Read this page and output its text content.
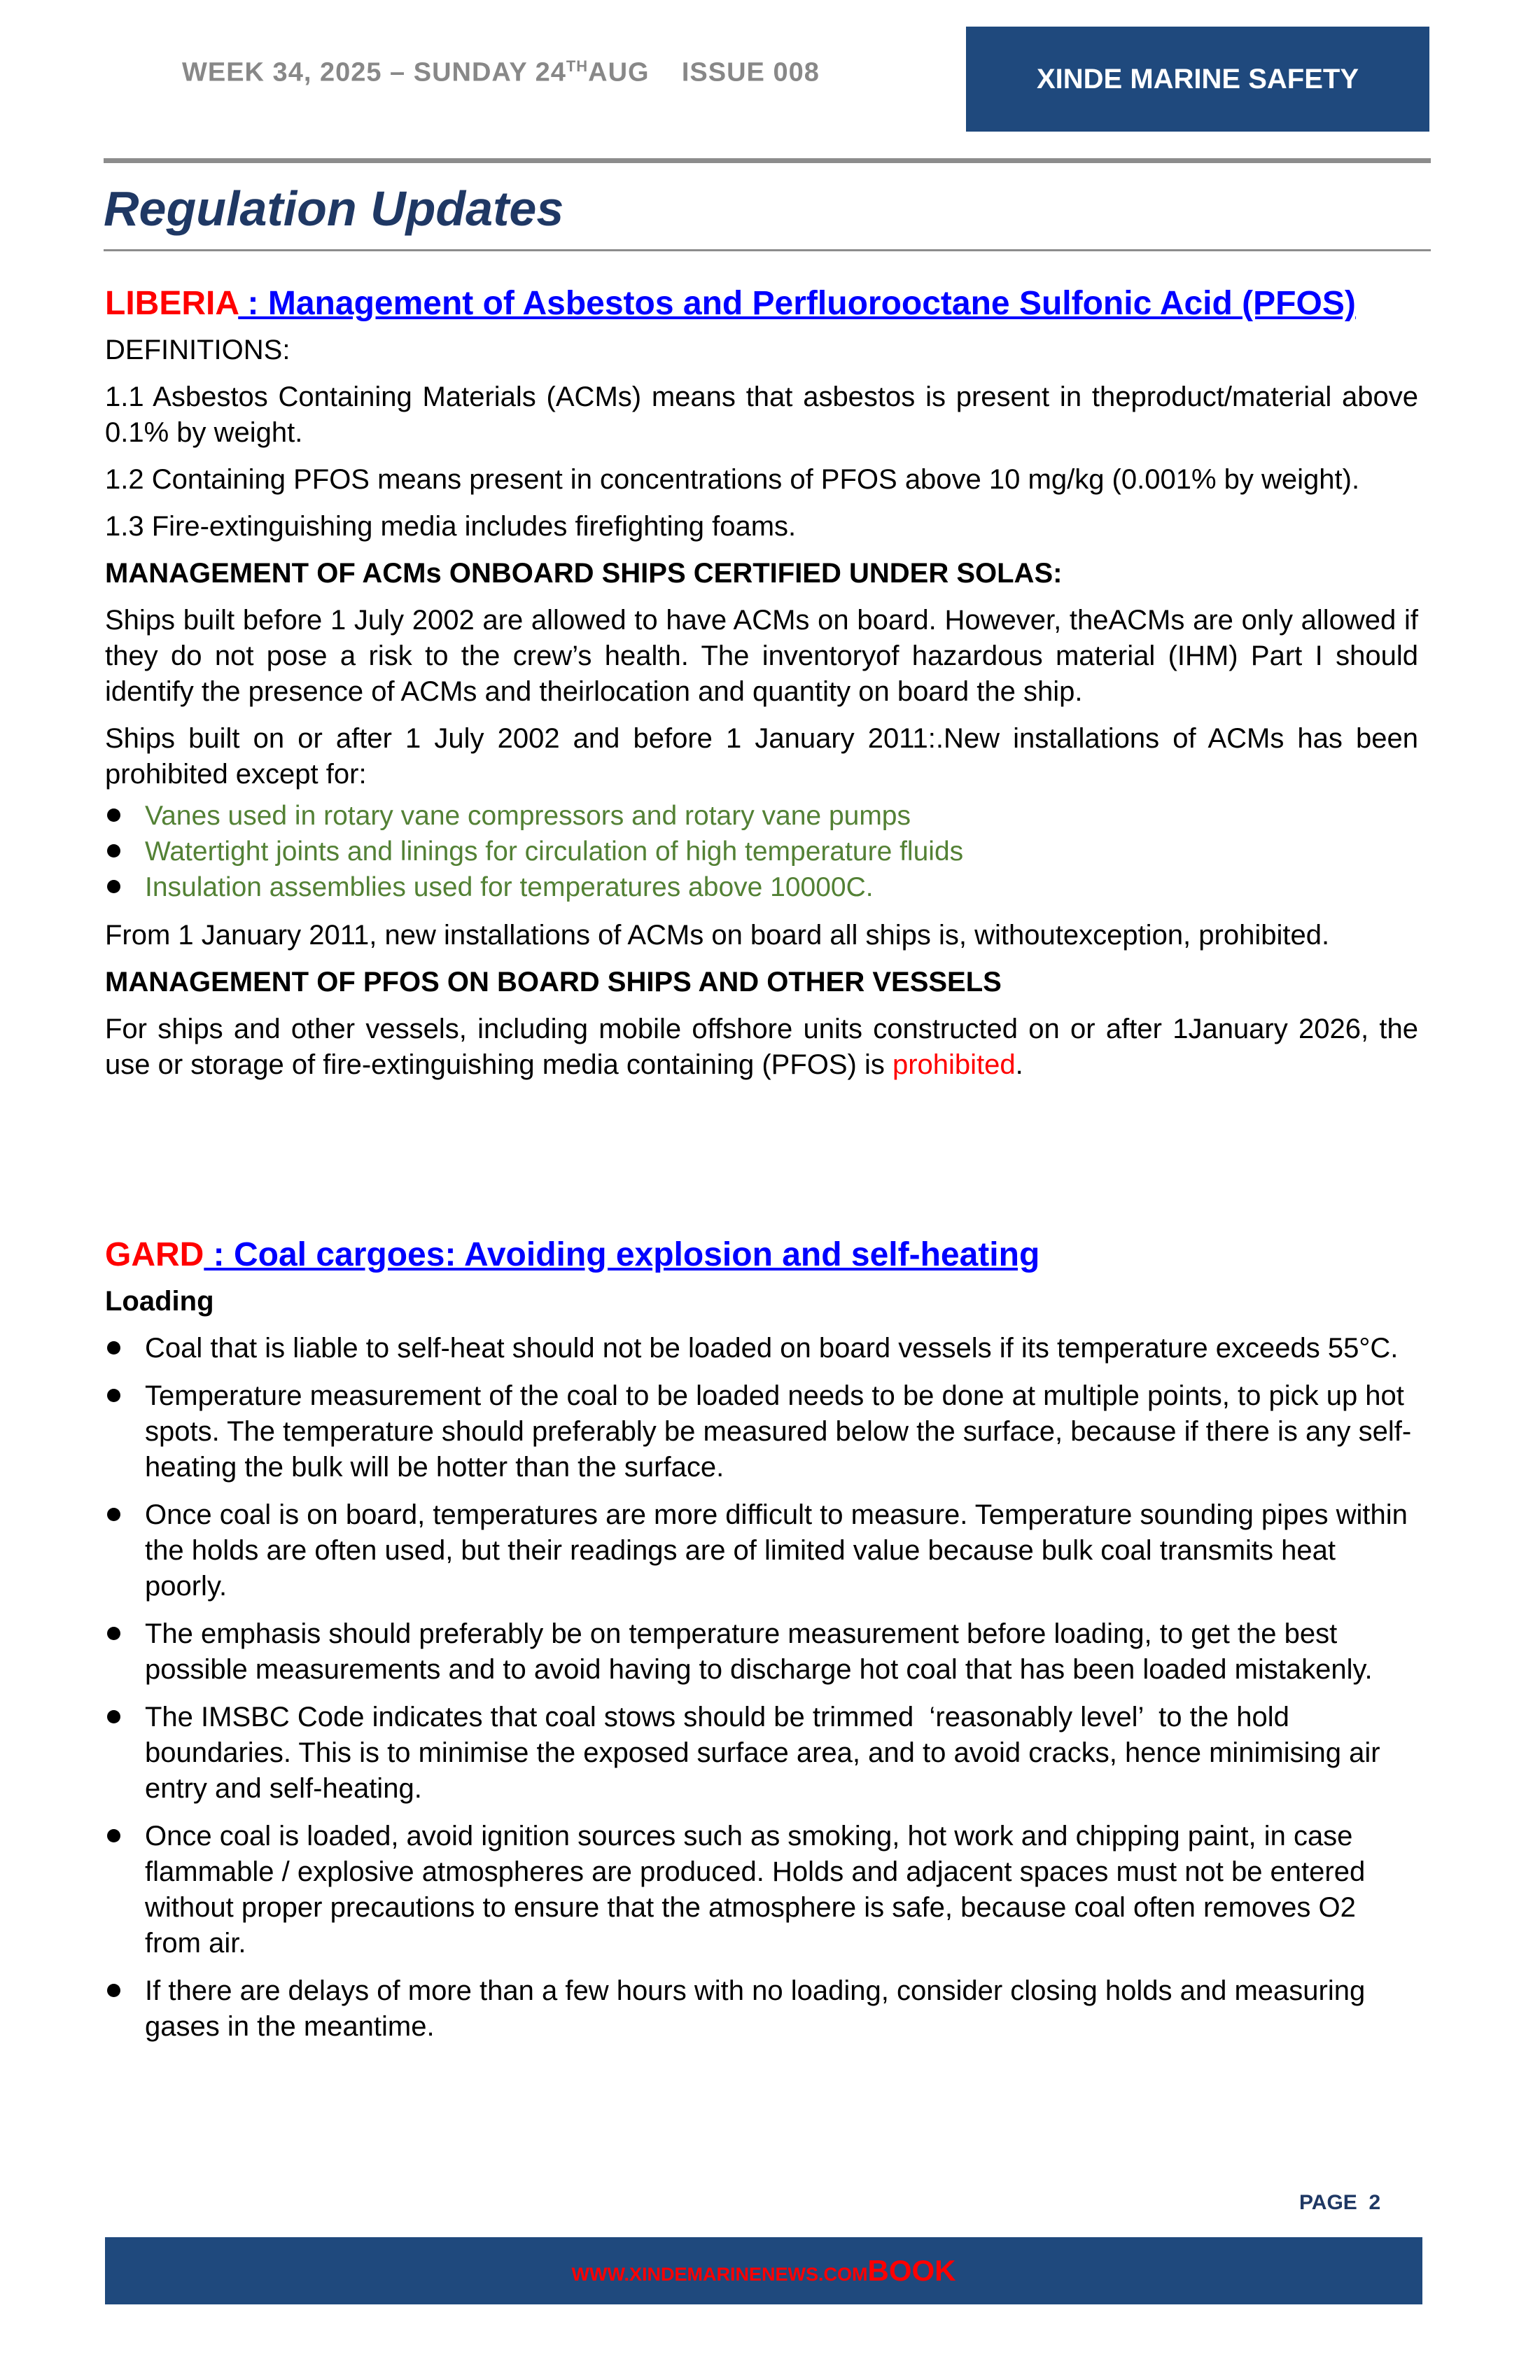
WEEK 34, 2025 – SUNDAY 24THAUG    ISSUE 008	XINDE MARINE SAFETY
Regulation Updates

LIBERIA : Management of Asbestos and Perfluorooctane Sulfonic Acid (PFOS)

DEFINITIONS:

1.1 Asbestos Containing Materials (ACMs) means that asbestos is present in theproduct/material above 0.1% by weight.

1.2 Containing PFOS means present in concentrations of PFOS above 10 mg/kg (0.001% by weight).

1.3 Fire-extinguishing media includes firefighting foams.

MANAGEMENT OF ACMs ONBOARD SHIPS CERTIFIED UNDER SOLAS:

Ships built before 1 July 2002 are allowed to have ACMs on board. However, theACMs are only allowed if they do not pose a risk to the crew’s health. The inventoryof hazardous material (IHM) Part I should identify the presence of ACMs and theirlocation and quantity on board the ship.

Ships built on or after 1 July 2002 and before 1 January 2011:.New installations of ACMs has been prohibited except for:

Vanes used in rotary vane compressors and rotary vane pumps
Watertight joints and linings for circulation of high temperature fluids
Insulation assemblies used for temperatures above 10000C.

From 1 January 2011, new installations of ACMs on board all ships is, withoutexception, prohibited.

MANAGEMENT OF PFOS ON BOARD SHIPS AND OTHER VESSELS

For ships and other vessels, including mobile offshore units constructed on or after 1January 2026, the use or storage of fire-extinguishing media containing (PFOS) is prohibited.

GARD : Coal cargoes: Avoiding explosion and self-heating

Loading

Coal that is liable to self-heat should not be loaded on board vessels if its temperature exceeds 55°C.
Temperature measurement of the coal to be loaded needs to be done at multiple points, to pick up hot spots. The temperature should preferably be measured below the surface, because if there is any self-heating the bulk will be hotter than the surface.
Once coal is on board, temperatures are more difficult to measure. Temperature sounding pipes within the holds are often used, but their readings are of limited value because bulk coal transmits heat poorly.
The emphasis should preferably be on temperature measurement before loading, to get the best possible measurements and to avoid having to discharge hot coal that has been loaded mistakenly.
The IMSBC Code indicates that coal stows should be trimmed  ‘reasonably level’  to the hold boundaries. This is to minimise the exposed surface area, and to avoid cracks, hence minimising air entry and self-heating.
Once coal is loaded, avoid ignition sources such as smoking, hot work and chipping paint, in case flammable / explosive atmospheres are produced. Holds and adjacent spaces must not be entered without proper precautions to ensure that the atmosphere is safe, because coal often removes O2 from air.
If there are delays of more than a few hours with no loading, consider closing holds and measuring gases in the meantime.
PAGE  2
WWW.XINDEMARINENEWS.COMBOOK
